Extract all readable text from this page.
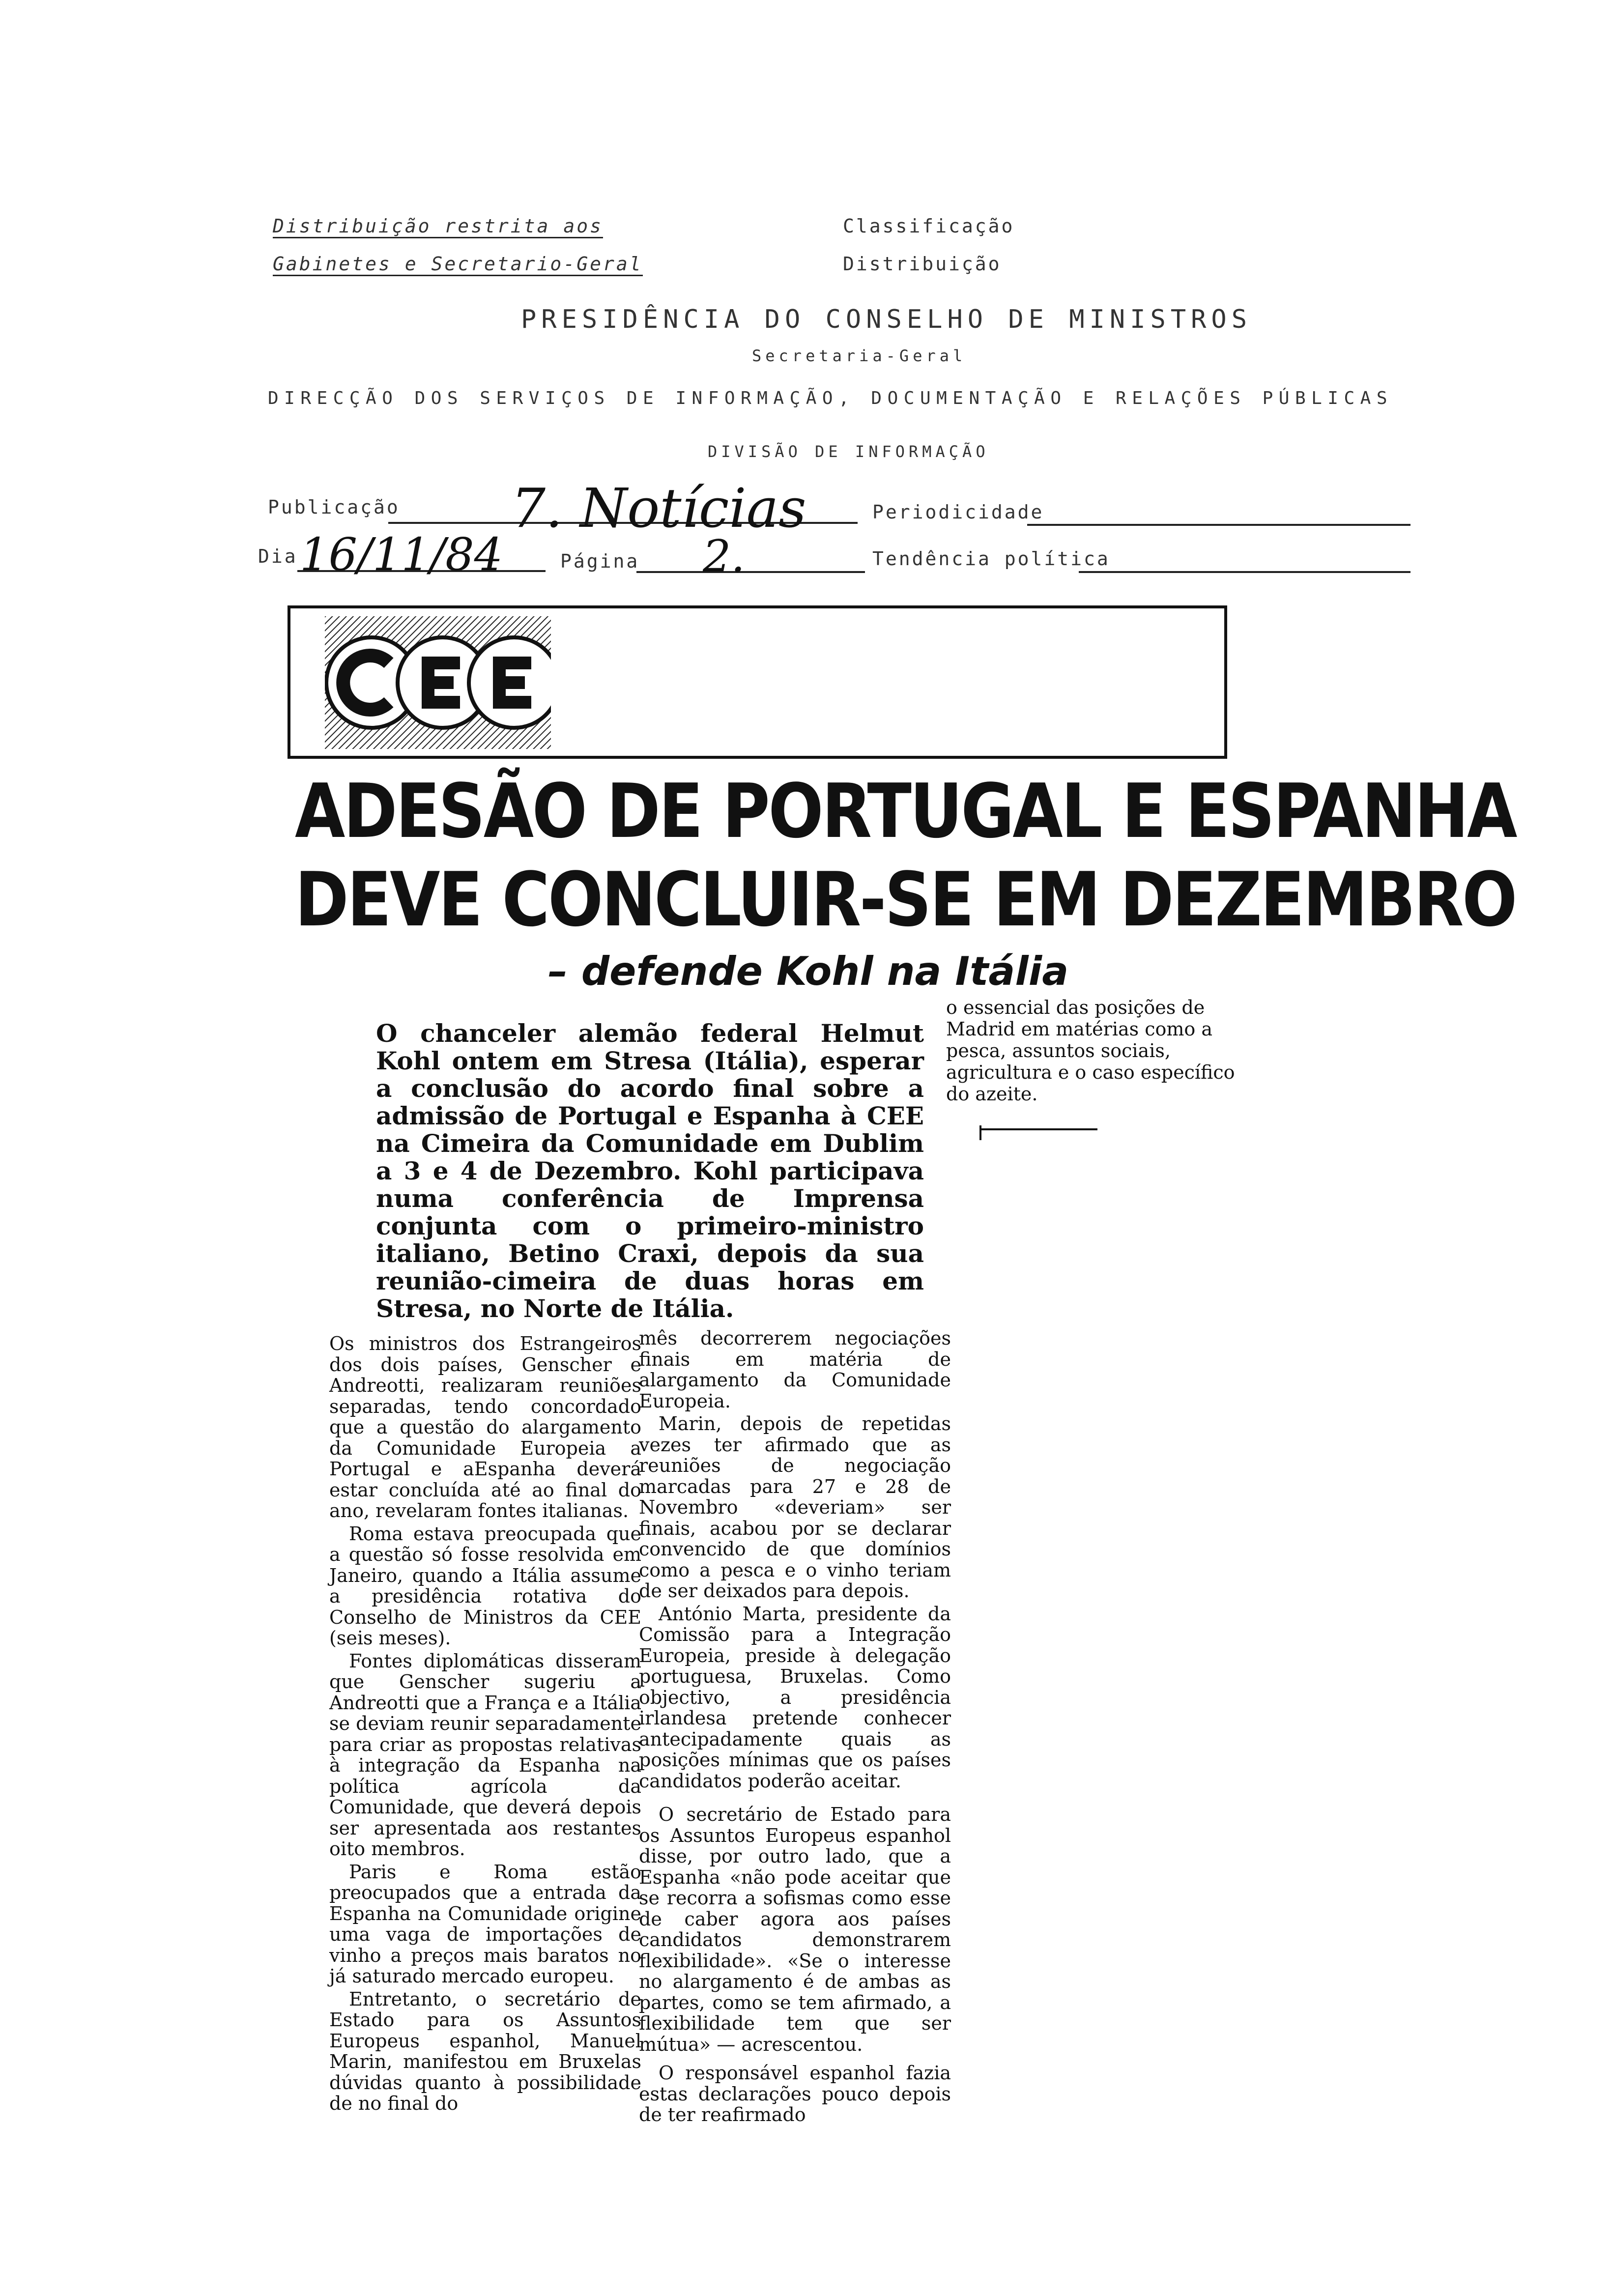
Distribuição restrita aos
Gabinetes e Secretario-Geral
Classificação
Distribuição
PRESIDÊNCIA DO CONSELHO DE MINISTROS
Secretaria-Geral
DIRECÇÃO DOS SERVIÇOS DE INFORMAÇÃO, DOCUMENTAÇÃO E RELAÇÕES PÚBLICAS
DIVISÃO DE INFORMAÇÃO
Publicação 7. Notícias	Periodicidade
Dia 16/11/84	Página 2.	Tendência política
ADESÃO DE PORTUGAL E ESPANHA
DEVE CONCLUIR-SE EM DEZEMBRO
– defende Kohl na Itália
O chanceler alemão federal Helmut Kohl ontem em Stresa (Itália), esperar a conclusão do acordo final sobre a admissão de Portugal e Espanha à CEE na Cimeira da Comunidade em Dublim a 3 e 4 de Dezembro. Kohl participava numa conferência de Imprensa conjunta com o primeiro-ministro italiano, Betino Craxi, depois da sua reunião-cimeira de duas horas em Stresa, no Norte de Itália.
o essencial das posições de Madrid em matérias como a pesca, assuntos sociais, agricultura e o caso específico do azeite.

Os ministros dos Estrangeiros dos dois países, Genscher e Andreotti, realizaram reuniões separadas, tendo concordado que a questão do alargamento da Comunidade Europeia a Portugal e aEspanha deverá estar concluída até ao final do ano, revelaram fontes italianas.

Roma estava preocupada que a questão só fosse resolvida em Janeiro, quando a Itália assume a presidência rotativa do Conselho de Ministros da CEE (seis meses).

Fontes diplomáticas disseram que Genscher sugeriu a Andreotti que a França e a Itália se deviam reunir separadamente para criar as propostas relativas à integração da Espanha na política agrícola da Comunidade, que deverá depois ser apresentada aos restantes oito membros.

Paris e Roma estão preocupados que a entrada da Espanha na Comunidade origine uma vaga de importações de vinho a preços mais baratos no já saturado mercado europeu.

Entretanto, o secretário de Estado para os Assuntos Europeus espanhol, Manuel Marin, manifestou em Bruxelas dúvidas quanto à possibilidade de no final do

mês decorrerem negociações finais em matéria de alargamento da Comunidade Europeia.

Marin, depois de repetidas vezes ter afirmado que as reuniões de negociação marcadas para 27 e 28 de Novembro «deveriam» ser finais, acabou por se declarar convencido de que domínios como a pesca e o vinho teriam de ser deixados para depois.

António Marta, presidente da Comissão para a Integração Europeia, preside à delegação portuguesa, Bruxelas. Como objectivo, a presidência irlandesa pretende conhecer antecipadamente quais as posições mínimas que os países candidatos poderão aceitar.

O secretário de Estado para os Assuntos Europeus espanhol disse, por outro lado, que a Espanha «não pode aceitar que se recorra a sofismas como esse de caber agora aos países candidatos demonstrarem flexibilidade». «Se o interesse no alargamento é de ambas as partes, como se tem afirmado, a flexibilidade tem que ser mútua» — acrescentou.

O responsável espanhol fazia estas declarações pouco depois de ter reafirmado
